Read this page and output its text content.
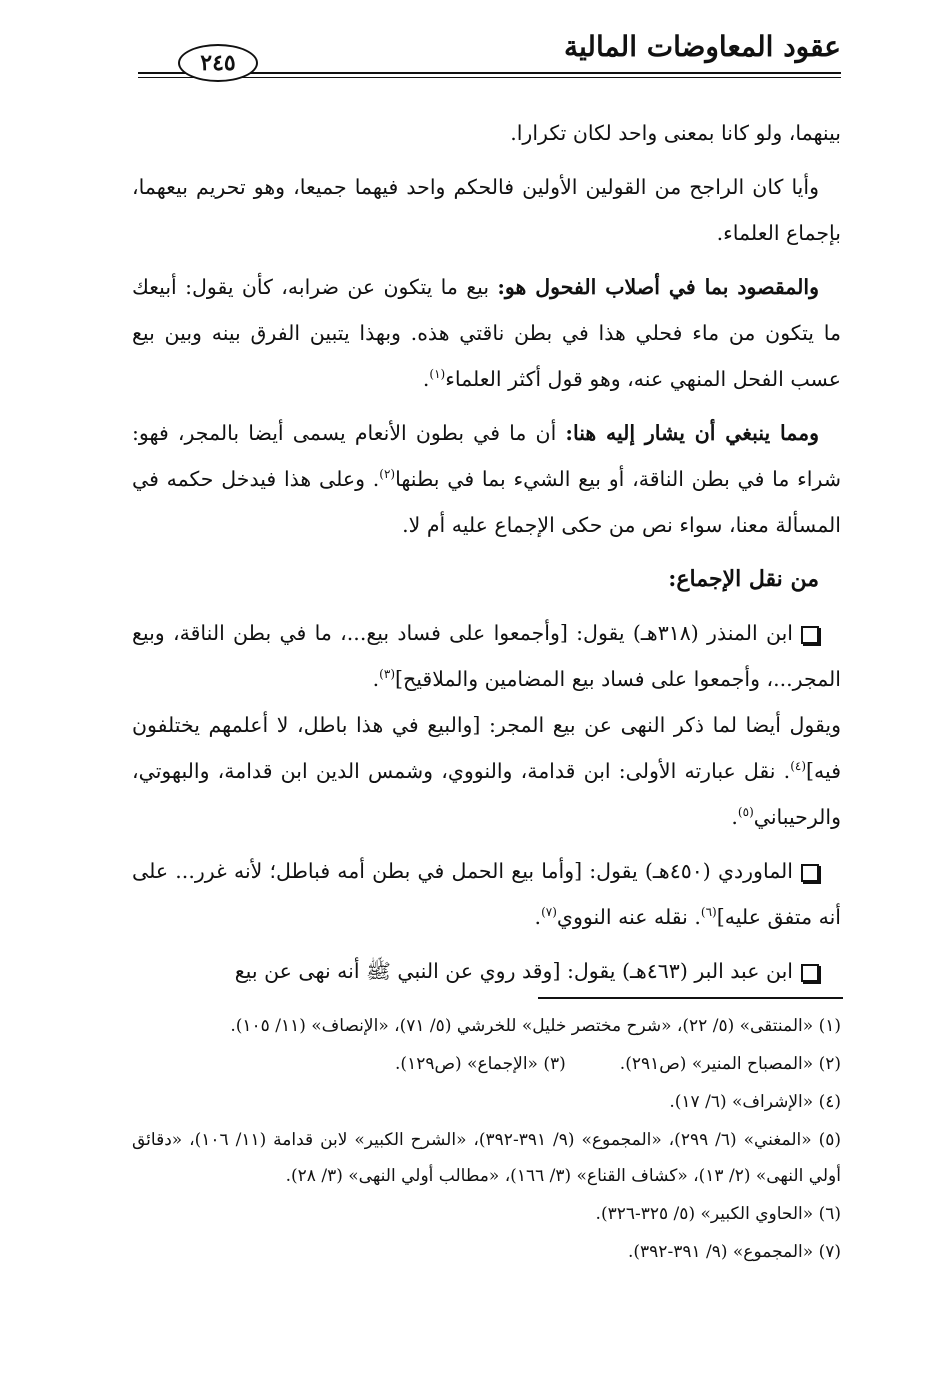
عقود المعاوضات المالية
٢٤٥

بينهما، ولو كانا بمعنى واحد لكان تكرارا.

وأيا كان الراجح من القولين الأولين فالحكم واحد فيهما جميعا، وهو تحريم بيعهما، بإجماع العلماء.

والمقصود بما في أصلاب الفحول هو: بيع ما يتكون عن ضرابه، كأن يقول: أبيعك ما يتكون من ماء فحلي هذا في بطن ناقتي هذه. وبهذا يتبين الفرق بينه وبين بيع عسب الفحل المنهي عنه، وهو قول أكثر العلماء$^{(١)}$.

ومما ينبغي أن يشار إليه هنا: أن ما في بطون الأنعام يسمى أيضا بالمجر، فهو: شراء ما في بطن الناقة، أو بيع الشيء بما في بطنها$^{(٢)}$. وعلى هذا فيدخل حكمه في المسألة معنا، سواء نص من حكى الإجماع عليه أم لا.

من نقل الإجماع:

ابن المنذر (٣١٨هـ) يقول: [وأجمعوا على فساد بيع...، ما في بطن الناقة، وبيع المجر...، وأجمعوا على فساد بيع المضامين والملاقيح]$^{(٣)}$.
ويقول أيضا لما ذكر النهى عن بيع المجر: [والبيع في هذا باطل، لا أعلمهم يختلفون فيه]$^{(٤)}$. نقل عبارته الأولى: ابن قدامة، والنووي، وشمس الدين ابن قدامة، والبهوتي، والرحيباني$^{(٥)}$.

الماوردي (٤٥٠هـ) يقول: [وأما بيع الحمل في بطن أمه فباطل؛ لأنه غرر... على أنه متفق عليه]$^{(٦)}$. نقله عنه النووي$^{(٧)}$.

ابن عبد البر (٤٦٣هـ) يقول: [وقد روي عن النبي ﷺ أنه نهى عن بيع

(١) «المنتقى» (٥/ ٢٢)، «شرح مختصر خليل» للخرشي (٥/ ٧١)، «الإنصاف» (١١/ ١٠٥).

(٢) «المصباح المنير» (ص٢٩١).          (٣) «الإجماع» (ص١٢٩).

(٤) «الإشراف» (٦/ ١٧).

(٥) «المغني» (٦/ ٢٩٩)، «المجموع» (٩/ ٣٩١-٣٩٢)، «الشرح الكبير» لابن قدامة (١١/ ١٠٦)، «دقائق أولي النهى» (٢/ ١٣)، «كشاف القناع» (٣/ ١٦٦)، «مطالب أولي النهى» (٣/ ٢٨).

(٦) «الحاوي الكبير» (٥/ ٣٢٥-٣٢٦).

(٧) «المجموع» (٩/ ٣٩١-٣٩٢).
